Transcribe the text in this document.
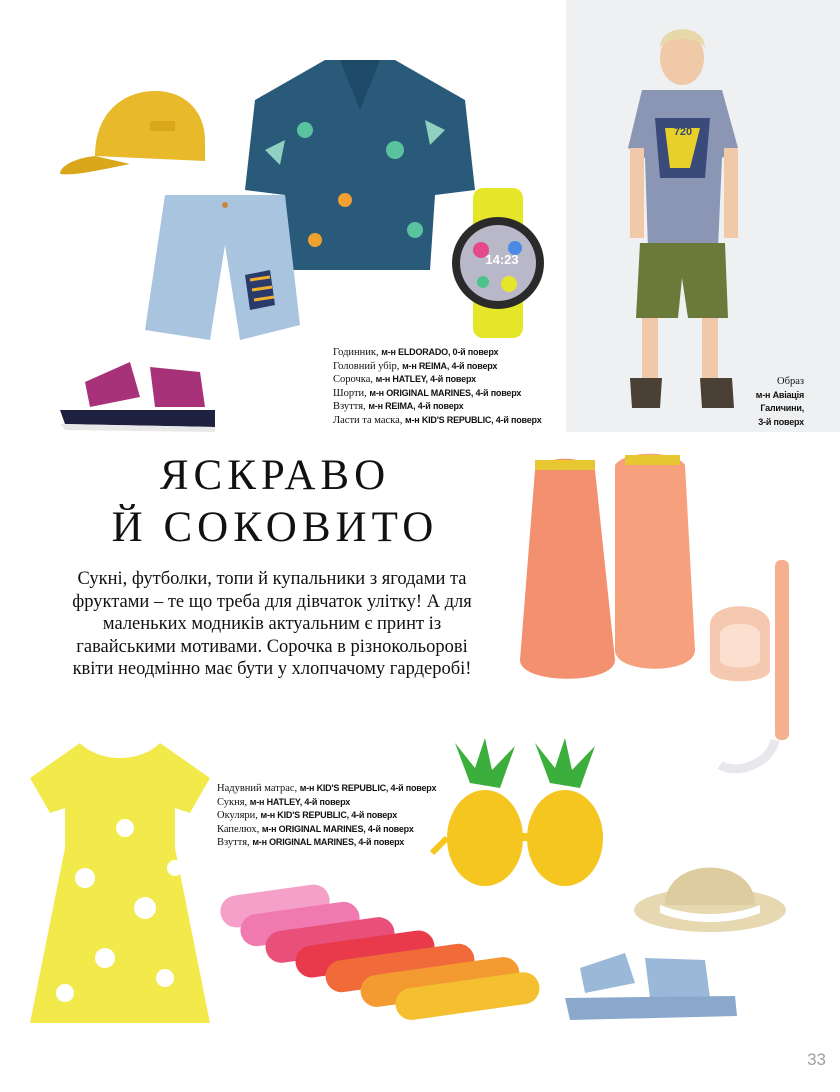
14:23
720
Годинник, м-н ELDORADO, 0-й поверх
Головний убір, м-н REIMA, 4-й поверх
Сорочка, м-н HATLEY, 4-й поверх
Шорти, м-н ORIGINAL MARINES, 4-й поверх
Взуття, м-н REIMA, 4-й поверх
Ласти та маска, м-н KID'S REPUBLIC, 4-й поверх
Образ
м-н Авіація
Галичини,
3-й поверх
ЯСКРАВО
Й СОКОВИТО
Сукні, футболки, топи й купальники з ягодами та фруктами – те що треба для дівчаток улітку! А для маленьких модників актуальним є принт із гавайськими мотивами. Сорочка в різнокольорові квіти неодмінно має бути у хлопчачому гардеробі!
Надувний матрас, м-н KID'S REPUBLIC, 4-й поверх
Сукня, м-н HATLEY, 4-й поверх
Окуляри, м-н KID'S REPUBLIC, 4-й поверх
Капелюх, м-н ORIGINAL MARINES, 4-й поверх
Взуття, м-н ORIGINAL MARINES, 4-й поверх
33
